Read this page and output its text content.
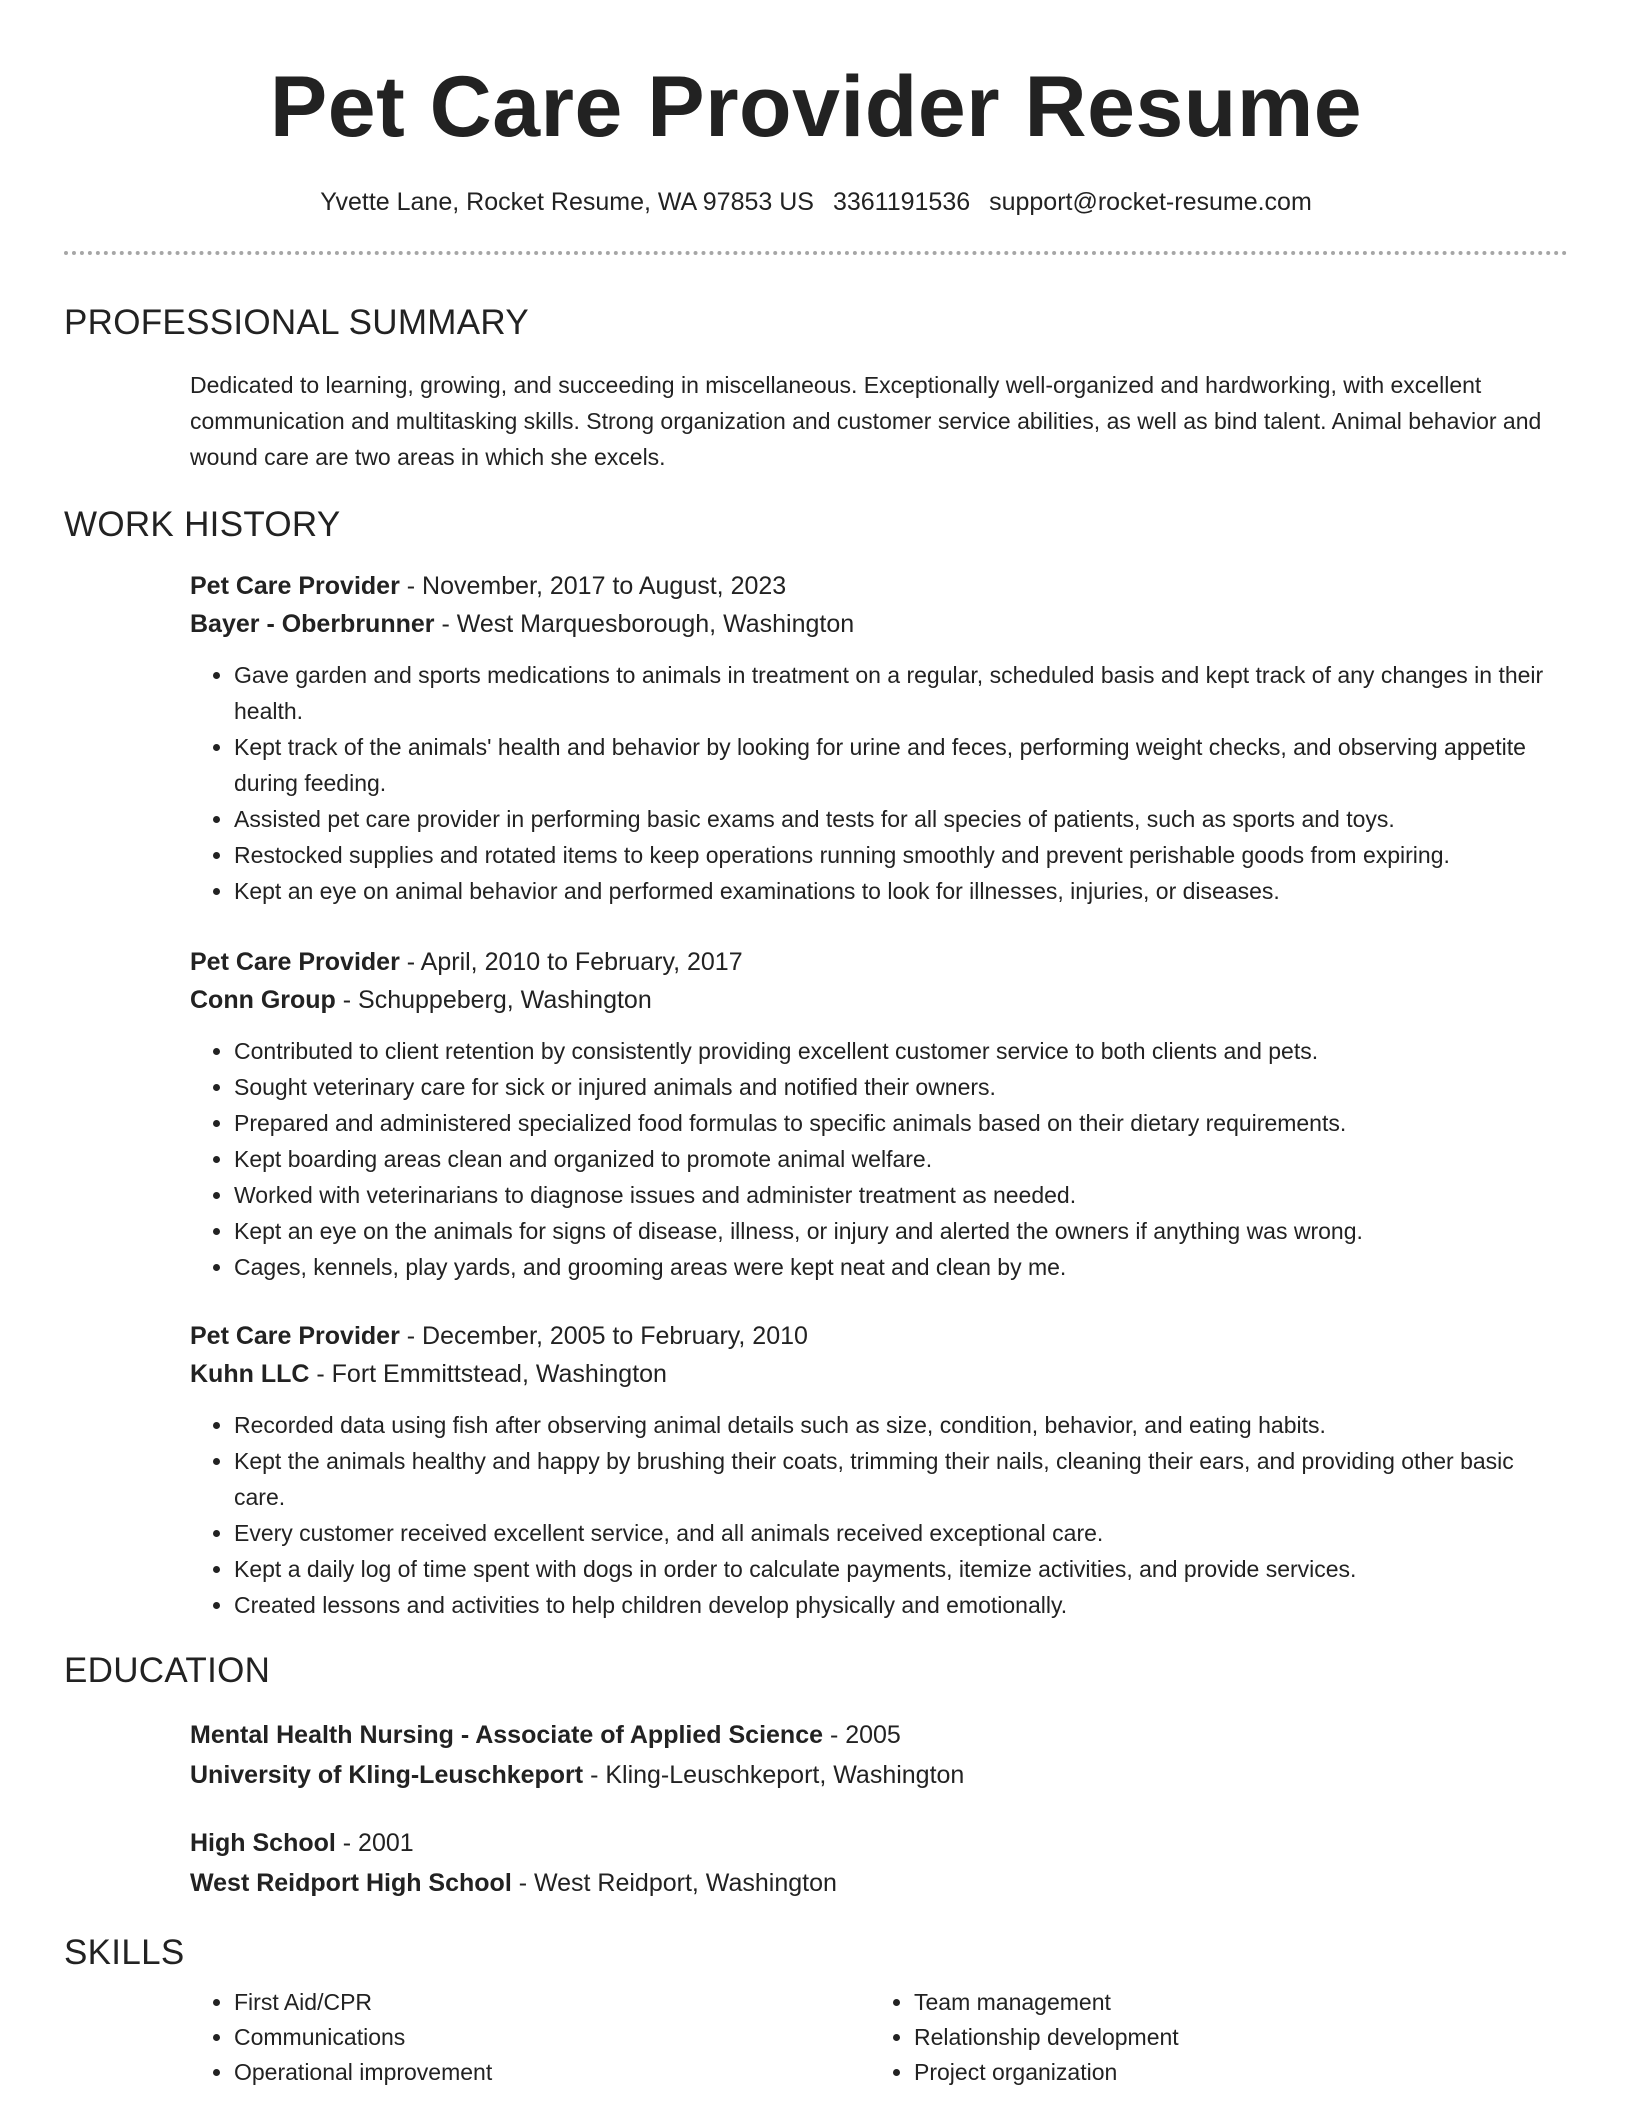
Pet Care Provider Resume
Yvette Lane, Rocket Resume, WA 97853 US 3361191536 support@rocket-resume.com
PROFESSIONAL SUMMARY

Dedicated to learning, growing, and succeeding in miscellaneous. Exceptionally well-organized and hardworking, with excellent communication and multitasking skills. Strong organization and customer service abilities, as well as bind talent. Animal behavior and wound care are two areas in which she excels.

WORK HISTORY
Pet Care Provider - November, 2017 to August, 2023
Bayer - Oberbrunner - West Marquesborough, Washington
• Gave garden and sports medications to animals in treatment on a regular, scheduled basis and kept track of any changes in their health.
• Kept track of the animals' health and behavior by looking for urine and feces, performing weight checks, and observing appetite during feeding.
• Assisted pet care provider in performing basic exams and tests for all species of patients, such as sports and toys.
• Restocked supplies and rotated items to keep operations running smoothly and prevent perishable goods from expiring.
• Kept an eye on animal behavior and performed examinations to look for illnesses, injuries, or diseases.
Pet Care Provider - April, 2010 to February, 2017
Conn Group - Schuppeberg, Washington
• Contributed to client retention by consistently providing excellent customer service to both clients and pets.
• Sought veterinary care for sick or injured animals and notified their owners.
• Prepared and administered specialized food formulas to specific animals based on their dietary requirements.
• Kept boarding areas clean and organized to promote animal welfare.
• Worked with veterinarians to diagnose issues and administer treatment as needed.
• Kept an eye on the animals for signs of disease, illness, or injury and alerted the owners if anything was wrong.
• Cages, kennels, play yards, and grooming areas were kept neat and clean by me.
Pet Care Provider - December, 2005 to February, 2010
Kuhn LLC - Fort Emmittstead, Washington
• Recorded data using fish after observing animal details such as size, condition, behavior, and eating habits.
• Kept the animals healthy and happy by brushing their coats, trimming their nails, cleaning their ears, and providing other basic care.
• Every customer received excellent service, and all animals received exceptional care.
• Kept a daily log of time spent with dogs in order to calculate payments, itemize activities, and provide services.
• Created lessons and activities to help children develop physically and emotionally.
EDUCATION
Mental Health Nursing - Associate of Applied Science - 2005
University of Kling-Leuschkeport - Kling-Leuschkeport, Washington
High School - 2001
West Reidport High School - West Reidport, Washington
SKILLS
• First Aid/CPR
• Communications
• Operational improvement
• Team management
• Relationship development
• Project organization
